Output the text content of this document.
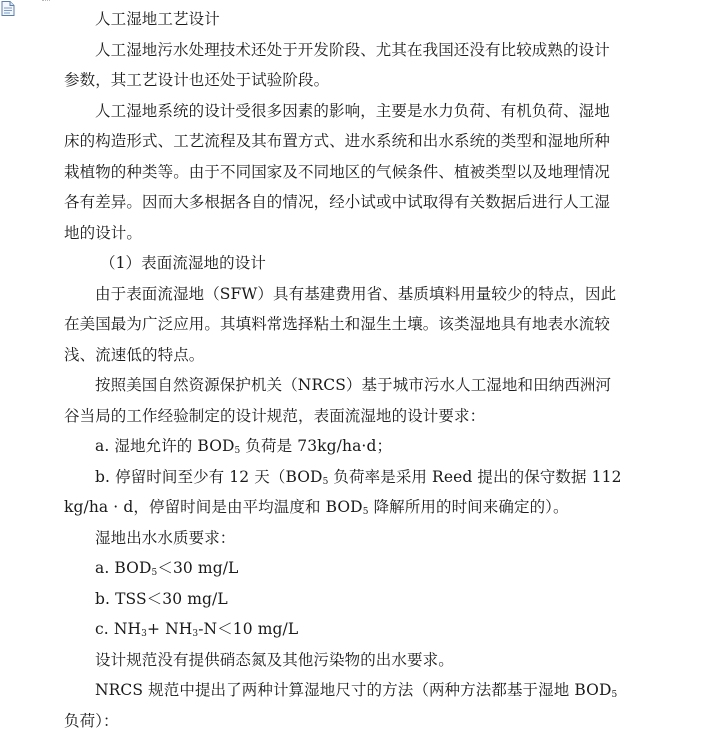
人工湿地工艺设计
人工湿地污水处理技术还处于开发阶段、尤其在我国还没有比较成熟的设计
参数，其工艺设计也还处于试验阶段。
人工湿地系统的设计受很多因素的影响，主要是水力负荷、有机负荷、湿地
床的构造形式、工艺流程及其布置方式、进水系统和出水系统的类型和湿地所种
栽植物的种类等。由于不同国家及不同地区的气候条件、植被类型以及地理情况
各有差异。因而大多根据各自的情况，经小试或中试取得有关数据后进行人工湿
地的设计。
（1）表面流湿地的设计
由于表面流湿地（SFW）具有基建费用省、基质填料用量较少的特点，因此
在美国最为广泛应用。其填料常选择粘土和湿生土壤。该类湿地具有地表水流较
浅、流速低的特点。
按照美国自然资源保护机关（NRCS）基于城市污水人工湿地和田纳西洲河
谷当局的工作经验制定的设计规范，表面流湿地的设计要求：
a. 湿地允许的 $BOD_5$ 负荷是 73kg/ha·d；
b. 停留时间至少有 12 天（$BOD_5$ 负荷率是采用 Reed 提出的保守数据 112
kg/ha · d，停留时间是由平均温度和 $BOD_5$ 降解所用的时间来确定的）。
湿地出水水质要求：
a. $BOD_5<30$ mg/L
b. TSS＜30 mg/L
c. $NH_3+ NH_3-N<10$ mg/L
设计规范没有提供硝态氮及其他污染物的出水要求。
NRCS 规范中提出了两种计算湿地尺寸的方法（两种方法都基于湿地 $BOD_5$
负荷）：
